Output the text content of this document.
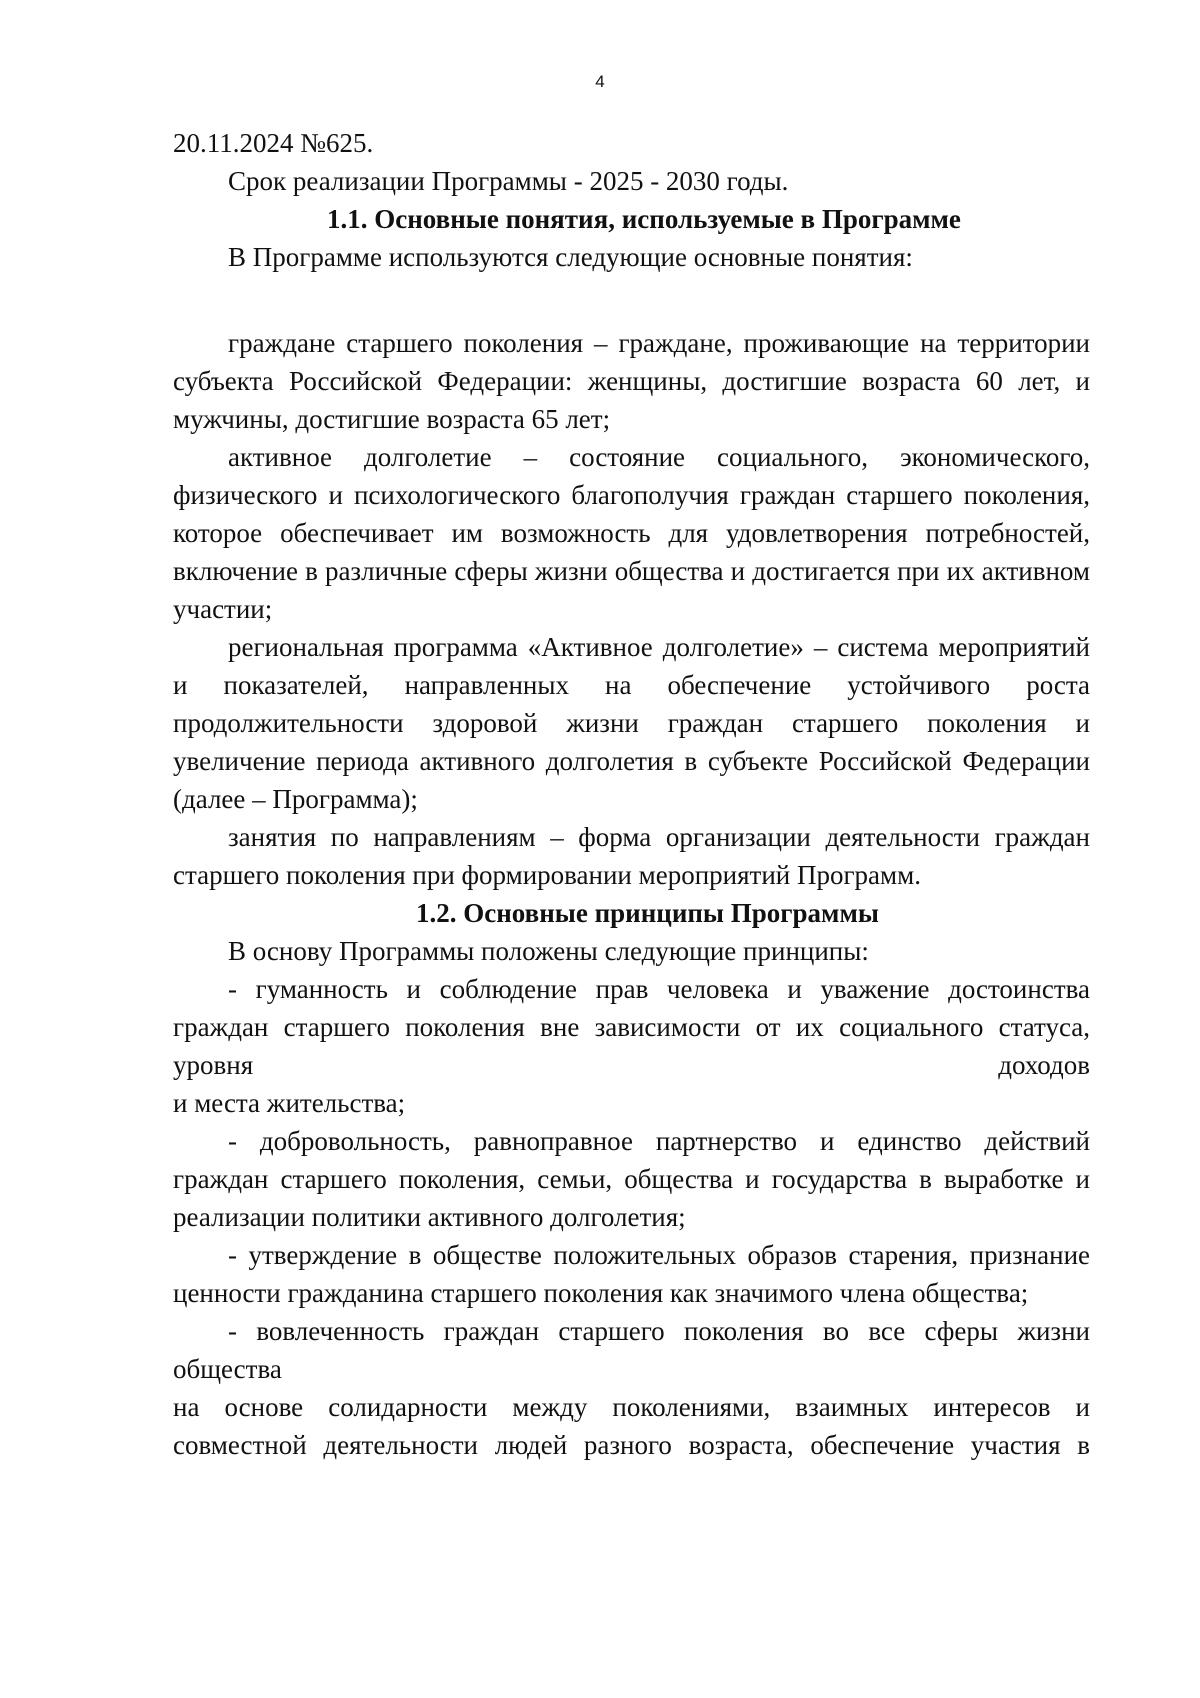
4

20.11.2024 №625.

Срок реализации Программы - 2025 - 2030 годы.

1.1. Основные понятия, используемые в Программе

В Программе используются следующие основные понятия:

граждане старшего поколения – граждане, проживающие на территории субъекта Российской Федерации: женщины, достигшие возраста 60 лет, и мужчины, достигшие возраста 65 лет;

активное долголетие – состояние социального, экономического, физического и психологического благополучия граждан старшего поколения, которое обеспечивает им возможность для удовлетворения потребностей, включение в различные сферы жизни общества и достигается при их активном участии;

региональная программа «Активное долголетие» – система мероприятий и показателей, направленных на обеспечение устойчивого роста продолжительности здоровой жизни граждан старшего поколения и увеличение периода активного долголетия в субъекте Российской Федерации (далее – Программа);

занятия по направлениям – форма организации деятельности граждан старшего поколения при формировании мероприятий Программ.

1.2. Основные принципы Программы

В основу Программы положены следующие принципы:

- гуманность и соблюдение прав человека и уважение достоинства граждан старшего поколения вне зависимости от их социального статуса, уровня доходов

и места жительства;

- добровольность, равноправное партнерство и единство действий граждан старшего поколения, семьи, общества и государства в выработке и реализации политики активного долголетия;

- утверждение в обществе положительных образов старения, признание ценности гражданина старшего поколения как значимого члена общества;

- вовлеченность граждан старшего поколения во все сферы жизни общества

на основе солидарности между поколениями, взаимных интересов и совместной деятельности людей разного возраста, обеспечение участия в
